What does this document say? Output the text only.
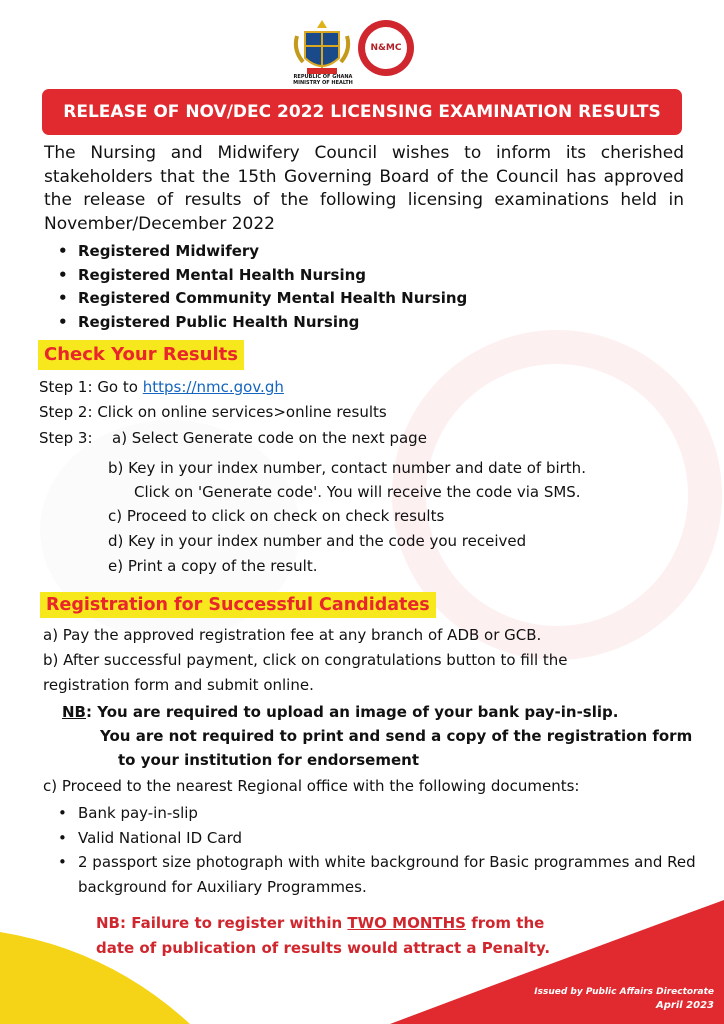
REPUBLIC OF GHANA
MINISTRY OF HEALTH
N&MC
RELEASE OF NOV/DEC 2022 LICENSING EXAMINATION RESULTS
The Nursing and Midwifery Council wishes to inform its cherished stakeholders that the 15th Governing Board of the Council has approved the release of results of the following licensing examinations held in November/December 2022
• Registered Midwifery
• Registered Mental Health Nursing
• Registered Community Mental Health Nursing
• Registered Public Health Nursing
Check Your Results
Step 1: Go to https://nmc.gov.gh
Step 2: Click on online services>online results
Step 3: a) Select Generate code on the next page
b) Key in your index number, contact number and date of birth.
Click on 'Generate code'. You will receive the code via SMS.
c) Proceed to click on check on check results
d) Key in your index number and the code you received
e) Print a copy of the result.
Registration for Successful Candidates
a) Pay the approved registration fee at any branch of ADB or GCB.
b) After successful payment, click on congratulations button to fill the
registration form and submit online.
NB: You are required to upload an image of your bank pay-in-slip.
You are not required to print and send a copy of the registration form
to your institution for endorsement
c) Proceed to the nearest Regional office with the following documents:
• Bank pay-in-slip
• Valid National ID Card
• 2 passport size photograph with white background for Basic programmes and Red background for Auxiliary Programmes.
NB: Failure to register within TWO MONTHS from the
date of publication of results would attract a Penalty.
Issued by Public Affairs Directorate
April 2023
